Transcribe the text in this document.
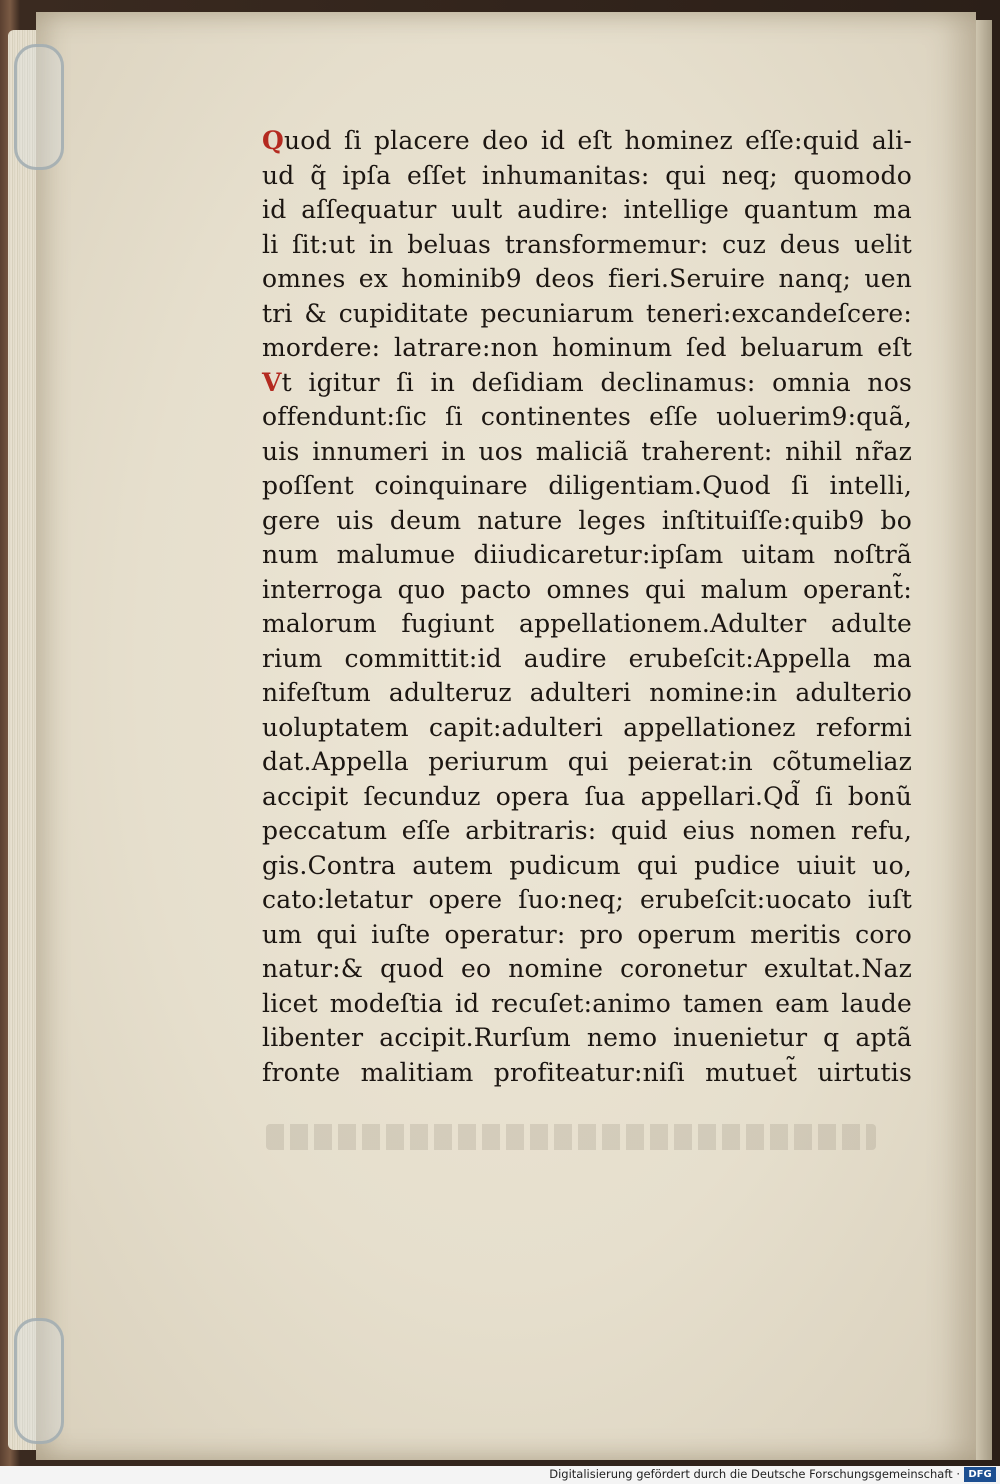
Quod ſi placere deo id eſt hominez eſſe:quid ali-
ud q̃ ipſa eſſet inhumanitas: qui neq; quomodo
id aſſequatur uult audire: intellige quantum ma
li ſit:ut in beluas transformemur: cuz deus uelit
omnes ex hominib9 deos fieri.Seruire nanq; uen
tri & cupiditate pecuniarum teneri:excandeſcere:
mordere: latrare:non hominum ſed beluarum eſt
Vt igitur ſi in deſidiam declinamus: omnia nos
offendunt:ſic ſi continentes eſſe uoluerim9:quã,
uis innumeri in uos maliciã traherent: nihil nr̃az
poſſent coinquinare diligentiam.Quod ſi intelli,
gere uis deum nature leges inſtituiſſe:quib9 bo
num malumue diiudicaretur:ipſam uitam noſtrã
interroga quo pacto omnes qui malum operant̃:
malorum fugiunt appellationem.Adulter adulte
rium committit:id audire erubeſcit:Appella ma
nifeſtum adulteruz adulteri nomine:in adulterio
uoluptatem capit:adulteri appellationez reformi
dat.Appella periurum qui peierat:in cõtumeliaz
accipit ſecunduz opera ſua appellari.Qd̃ ſi bonũ
peccatum eſſe arbitraris: quid eius nomen refu,
gis.Contra autem pudicum qui pudice uiuit uo,
cato:letatur opere ſuo:neq; erubeſcit:uocato iuſt
um qui iuſte operatur: pro operum meritis coro
natur:& quod eo nomine coronetur exultat.Naz
licet modeſtia id recuſet:animo tamen eam laude
libenter accipit.Rurſum nemo inuenietur q aptã
fronte malitiam profiteatur:niſi mutuet̃ uirtutis
Digitalisierung gefördert durch die Deutsche Forschungsgemeinschaft · DFG
